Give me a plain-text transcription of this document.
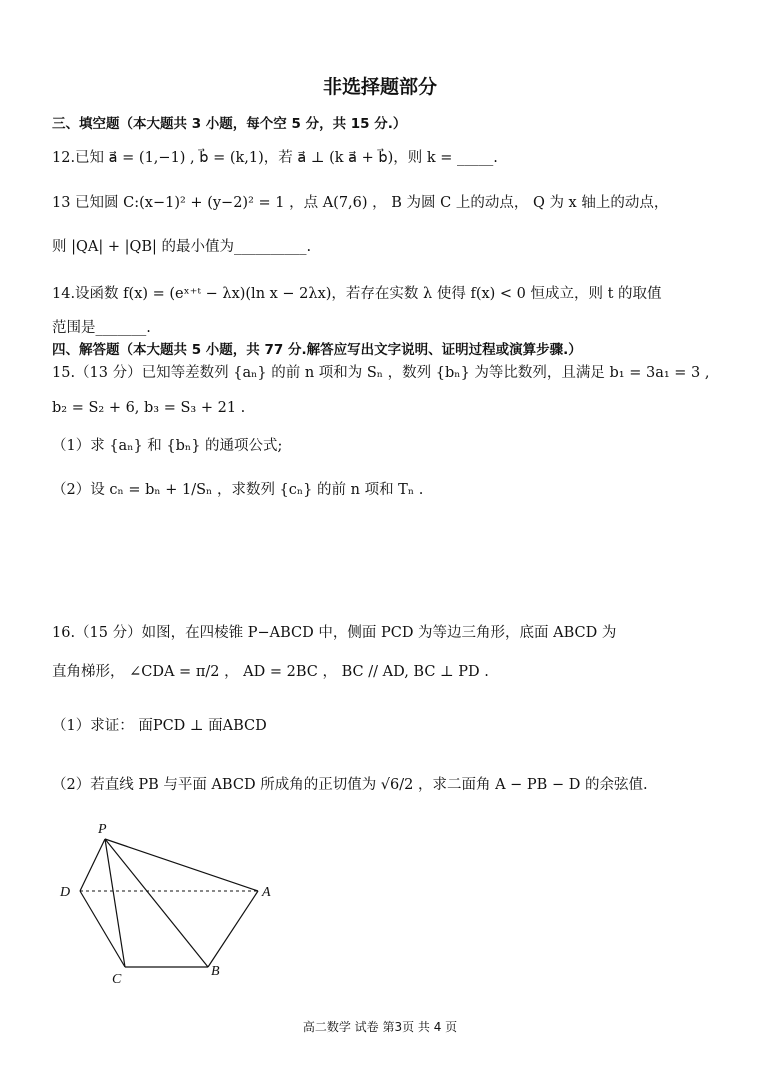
非选择题部分
三、填空题（本大题共 3 小题，每个空 5 分，共 15 分.）
12.已知 a⃗ = (1,−1) , b⃗ = (k,1)，若 a⃗ ⊥ (k a⃗ + b⃗)，则 k = _____.
13 已知圆 C:(x−1)² + (y−2)² = 1 ，点 A(7,6) ， B 为圆 C 上的动点， Q 为 x 轴上的动点，
则 |QA| + |QB| 的最小值为__________.
14.设函数 f(x) = (eˣ⁺ᵗ − λx)(ln x − 2λx)，若存在实数 λ 使得 f(x) < 0 恒成立，则 t 的取值
范围是_______.
四、解答题（本大题共 5 小题，共 77 分.解答应写出文字说明、证明过程或演算步骤.）
15.（13 分）已知等差数列 {aₙ} 的前 n 项和为 Sₙ ，数列 {bₙ} 为等比数列，且满足 b₁ = 3a₁ = 3 ,
b₂ = S₂ + 6, b₃ = S₃ + 21 .
（1）求 {aₙ} 和 {bₙ} 的通项公式;
（2）设 cₙ = bₙ + 1/Sₙ ，求数列 {cₙ} 的前 n 项和 Tₙ .
16.（15 分）如图，在四棱锥 P−ABCD 中，侧面 PCD 为等边三角形，底面 ABCD 为
直角梯形， ∠CDA = π/2 ， AD = 2BC ， BC // AD, BC ⊥ PD .
（1）求证： 面PCD ⊥ 面ABCD
（2）若直线 PB 与平面 ABCD 所成角的正切值为 √6/2 ，求二面角 A − PB − D 的余弦值.
P
D	A
C
B
高二数学 试卷 第3页 共 4 页
